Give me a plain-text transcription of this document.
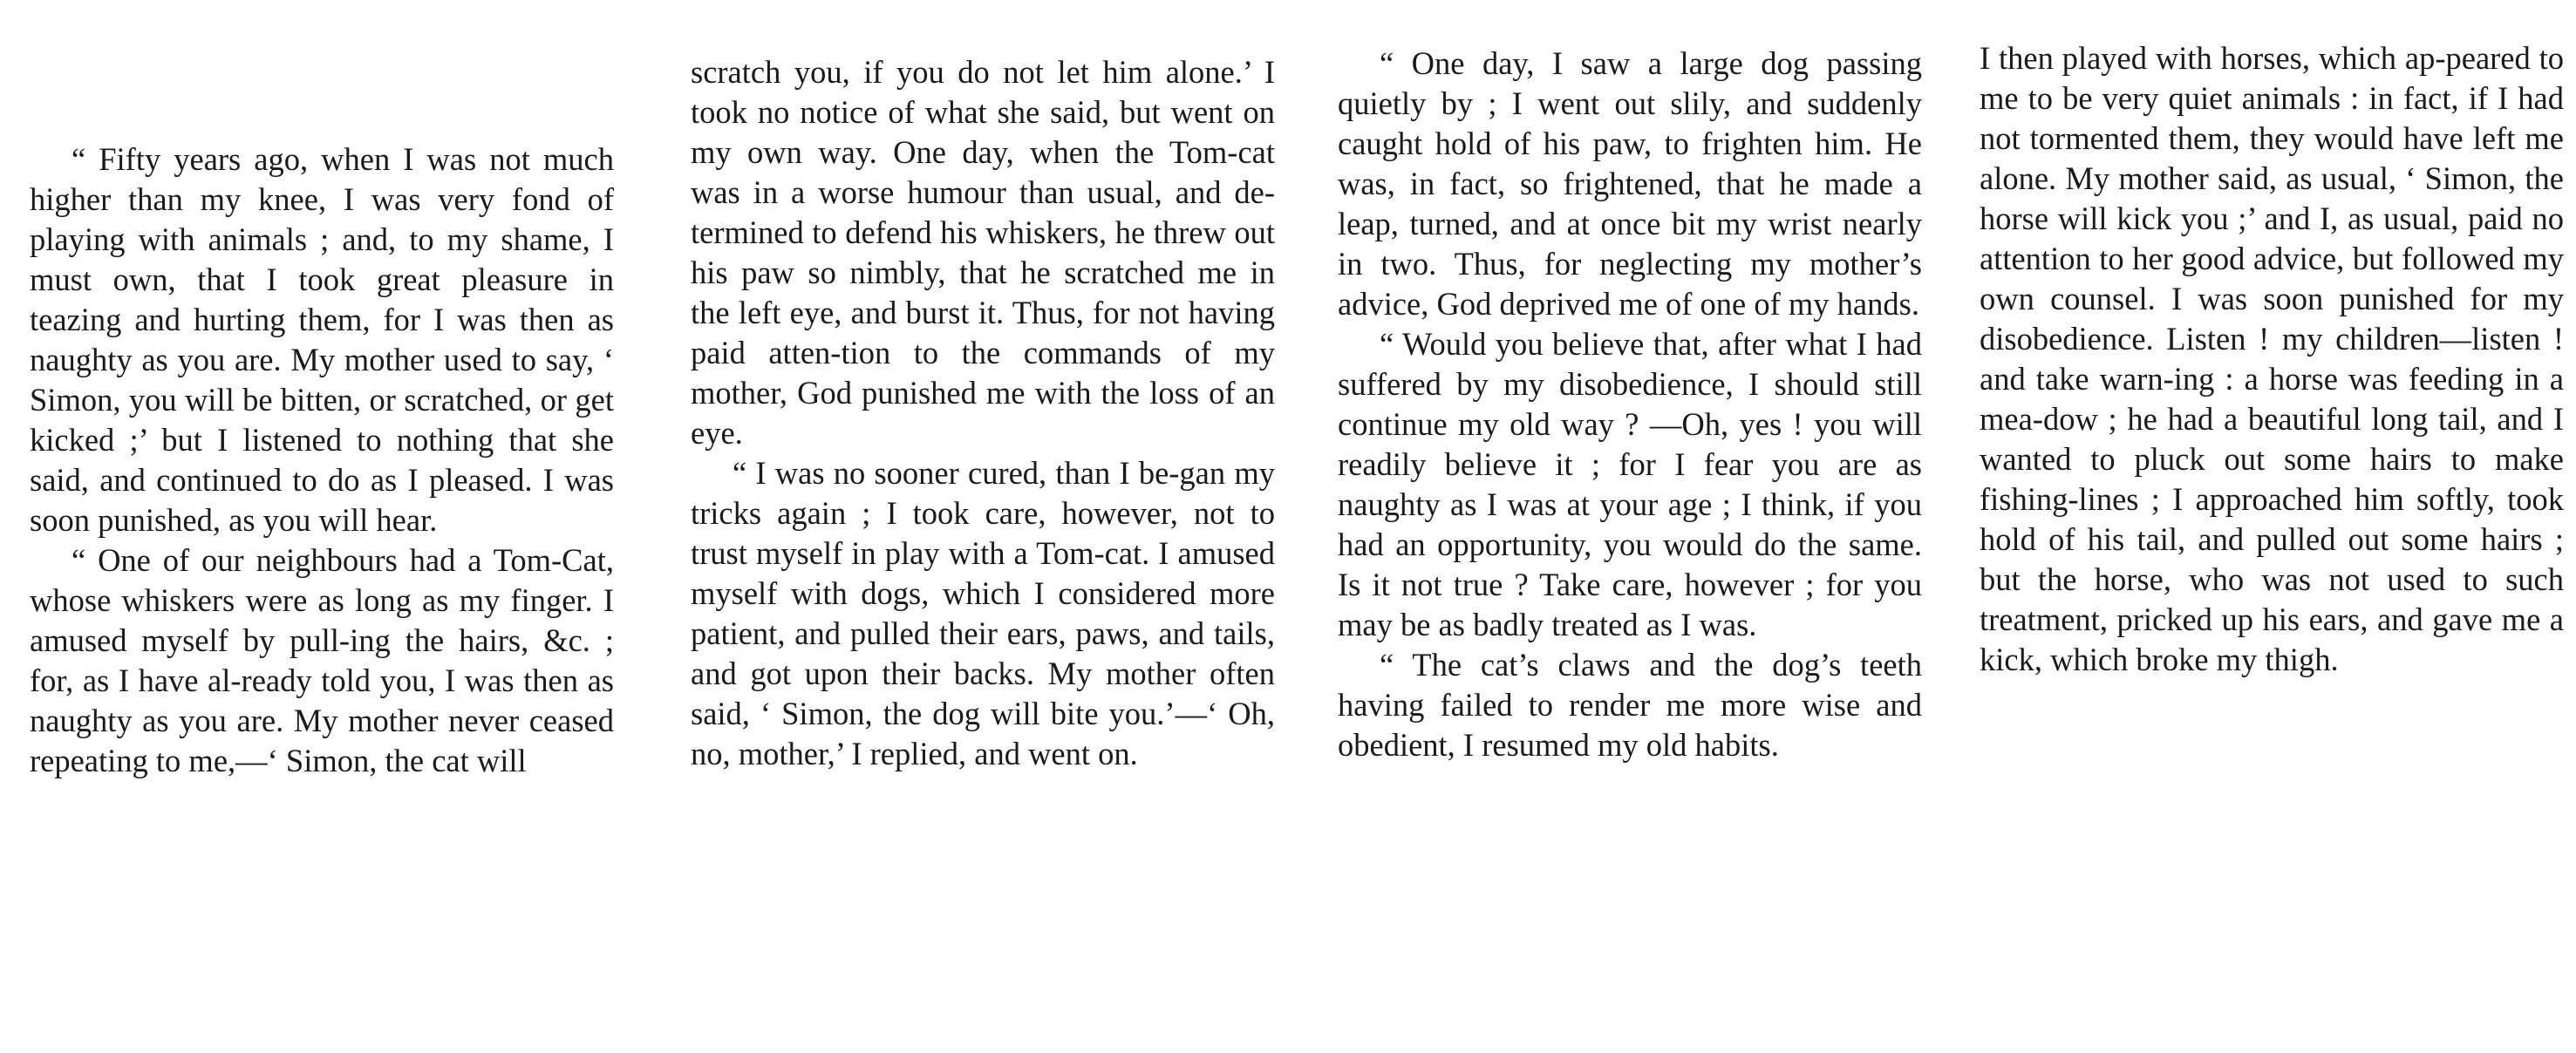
“ Fifty years ago, when I was not much higher than my knee, I was very fond of playing with animals ; and, to my shame, I must own, that I took great pleasure in teazing and hurting them, for I was then as naughty as you are. My mother used to say, ‘ Simon, you will be bitten, or scratched, or get kicked ;’ but I listened to nothing that she said, and continued to do as I pleased. I was soon punished, as you will hear.

“ One of our neighbours had a Tom-Cat, whose whiskers were as long as my finger. I amused myself by pull-ing the hairs, &c. ; for, as I have al-ready told you, I was then as naughty as you are. My mother never ceased repeating to me,—‘ Simon, the cat will

scratch you, if you do not let him alone.’ I took no notice of what she said, but went on my own way. One day, when the Tom-cat was in a worse humour than usual, and de-termined to defend his whiskers, he threw out his paw so nimbly, that he scratched me in the left eye, and burst it. Thus, for not having paid atten-tion to the commands of my mother, God punished me with the loss of an eye.

“ I was no sooner cured, than I be-gan my tricks again ; I took care, however, not to trust myself in play with a Tom-cat. I amused myself with dogs, which I considered more patient, and pulled their ears, paws, and tails, and got upon their backs. My mother often said, ‘ Simon, the dog will bite you.’—‘ Oh, no, mother,’ I replied, and went on.

“ One day, I saw a large dog passing quietly by ; I went out slily, and suddenly caught hold of his paw, to frighten him. He was, in fact, so frightened, that he made a leap, turned, and at once bit my wrist nearly in two. Thus, for neglecting my mother’s advice, God deprived me of one of my hands.

“ Would you believe that, after what I had suffered by my disobedience, I should still continue my old way ? —Oh, yes ! you will readily believe it ; for I fear you are as naughty as I was at your age ; I think, if you had an opportunity, you would do the same. Is it not true ? Take care, however ; for you may be as badly treated as I was.

“ The cat’s claws and the dog’s teeth having failed to render me more wise and obedient, I resumed my old habits.

I then played with horses, which ap-peared to me to be very quiet animals : in fact, if I had not tormented them, they would have left me alone. My mother said, as usual, ‘ Simon, the horse will kick you ;’ and I, as usual, paid no attention to her good advice, but followed my own counsel. I was soon punished for my disobedience. Listen ! my children—listen ! and take warn-ing : a horse was feeding in a mea-dow ; he had a beautiful long tail, and I wanted to pluck out some hairs to make fishing-lines ; I approached him softly, took hold of his tail, and pulled out some hairs ; but the horse, who was not used to such treatment, pricked up his ears, and gave me a kick, which broke my thigh.
